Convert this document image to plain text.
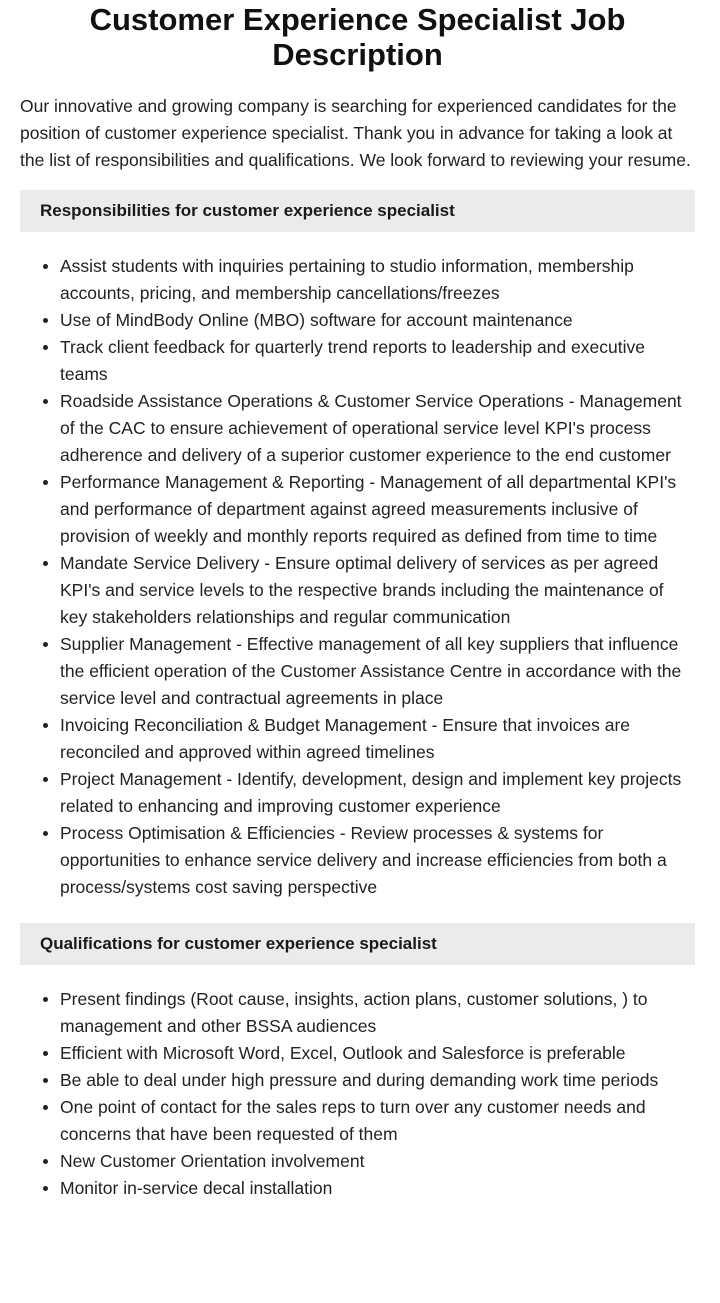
Customer Experience Specialist Job Description

Our innovative and growing company is searching for experienced candidates for the position of customer experience specialist. Thank you in advance for taking a look at the list of responsibilities and qualifications. We look forward to reviewing your resume.

Responsibilities for customer experience specialist
Assist students with inquiries pertaining to studio information, membership accounts, pricing, and membership cancellations/freezes
Use of MindBody Online (MBO) software for account maintenance
Track client feedback for quarterly trend reports to leadership and executive teams
Roadside Assistance Operations & Customer Service Operations - Management of the CAC to ensure achievement of operational service level KPI's process adherence and delivery of a superior customer experience to the end customer
Performance Management & Reporting - Management of all departmental KPI's and performance of department against agreed measurements inclusive of provision of weekly and monthly reports required as defined from time to time
Mandate Service Delivery - Ensure optimal delivery of services as per agreed KPI's and service levels to the respective brands including the maintenance of key stakeholders relationships and regular communication
Supplier Management - Effective management of all key suppliers that influence the efficient operation of the Customer Assistance Centre in accordance with the service level and contractual agreements in place
Invoicing Reconciliation & Budget Management - Ensure that invoices are reconciled and approved within agreed timelines
Project Management - Identify, development, design and implement key projects related to enhancing and improving customer experience
Process Optimisation & Efficiencies - Review processes & systems for opportunities to enhance service delivery and increase efficiencies from both a process/systems cost saving perspective
Qualifications for customer experience specialist
Present findings (Root cause, insights, action plans, customer solutions, ) to management and other BSSA audiences
Efficient with Microsoft Word, Excel, Outlook and Salesforce is preferable
Be able to deal under high pressure and during demanding work time periods
One point of contact for the sales reps to turn over any customer needs and concerns that have been requested of them
New Customer Orientation involvement
Monitor in-service decal installation
